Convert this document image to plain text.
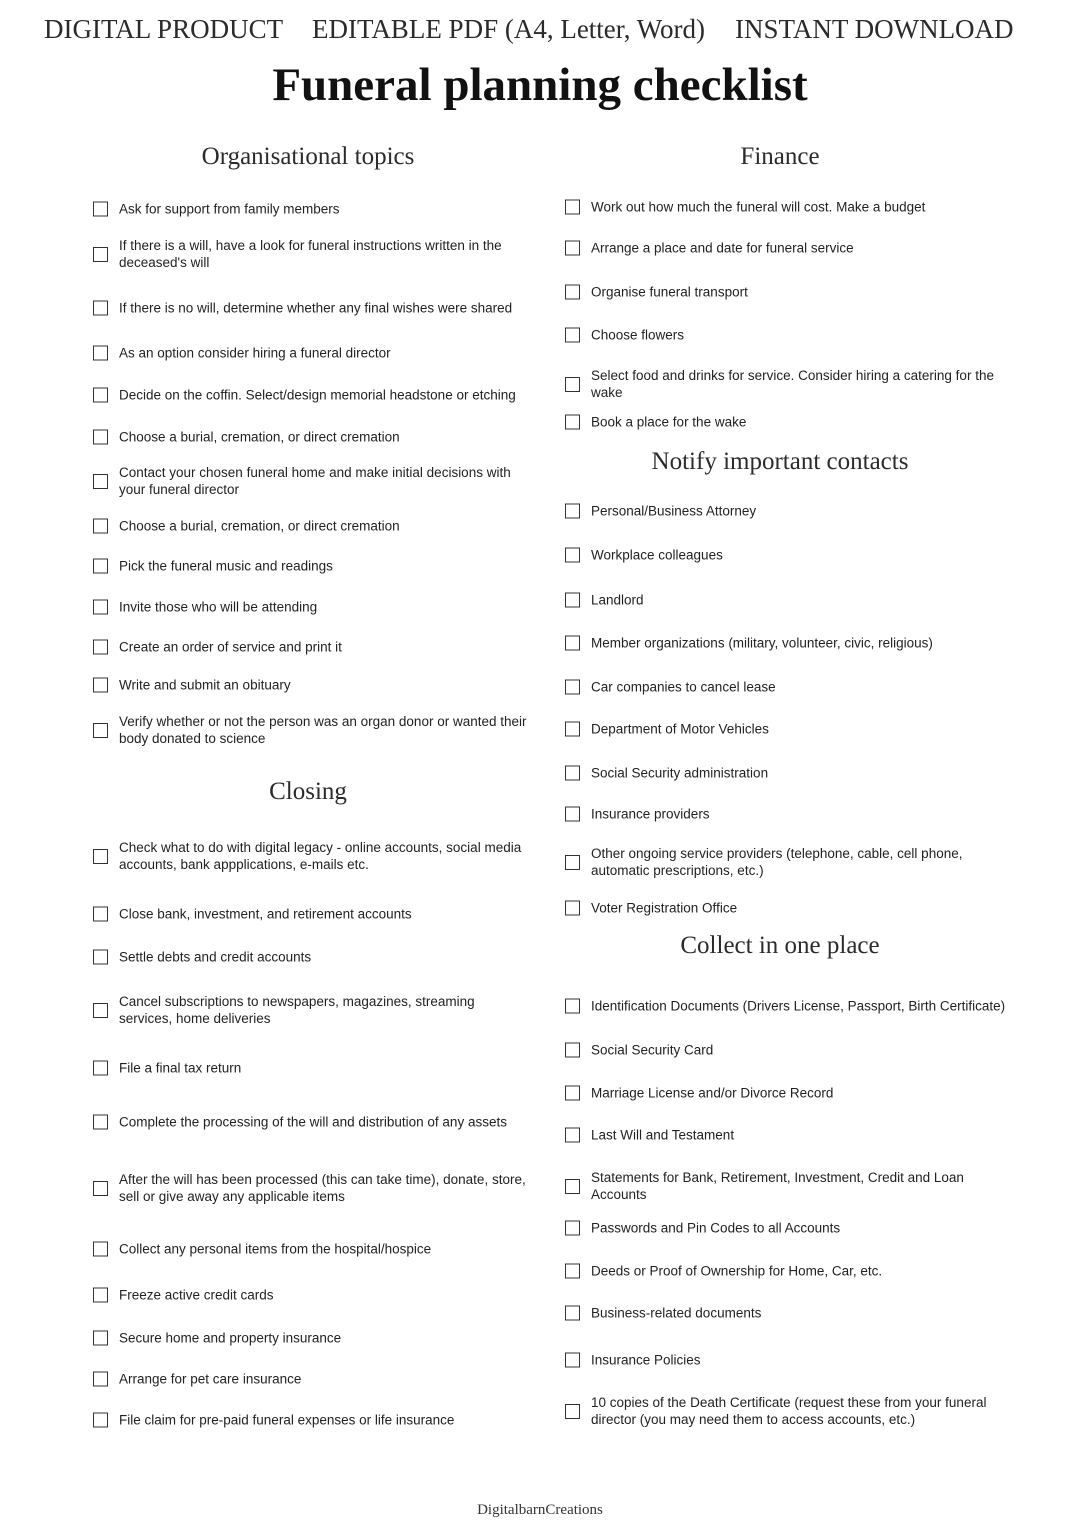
DIGITAL PRODUCT EDITABLE PDF (A4, Letter, Word) INSTANT DOWNLOAD
Funeral planning checklist
Organisational topics	Finance
Closing
Notify important contacts
Collect in one place
Ask for support from family members
If there is a will, have a look for funeral instructions written in the deceased's will
If there is no will, determine whether any final wishes were shared
As an option consider hiring a funeral director
Decide on the coffin. Select/design memorial headstone or etching
Choose a burial, cremation, or direct cremation
Contact your chosen funeral home and make initial decisions with your funeral director
Choose a burial, cremation, or direct cremation
Pick the funeral music and readings
Invite those who will be attending
Create an order of service and print it
Write and submit an obituary
Verify whether or not the person was an organ donor or wanted their body donated to science
Check what to do with digital legacy - online accounts, social media accounts, bank appplications, e-mails etc.
Close bank, investment, and retirement accounts
Settle debts and credit accounts
Cancel subscriptions to newspapers, magazines, streaming services, home deliveries
File a final tax return
Complete the processing of the will and distribution of any assets
After the will has been processed (this can take time), donate, store, sell or give away any applicable items
Collect any personal items from the hospital/hospice
Freeze active credit cards
Secure home and property insurance
Arrange for pet care insurance
File claim for pre-paid funeral expenses or life insurance
Work out how much the funeral will cost. Make a budget
Arrange a place and date for funeral service
Organise funeral transport
Choose flowers
Select food and drinks for service. Consider hiring a catering for the wake
Book a place for the wake
Personal/Business Attorney
Workplace colleagues
Landlord
Member organizations (military, volunteer, civic, religious)
Car companies to cancel lease
Department of Motor Vehicles
Social Security administration
Insurance providers
Other ongoing service providers (telephone, cable, cell phone, automatic prescriptions, etc.)
Voter Registration Office
Identification Documents (Drivers License, Passport, Birth Certificate)
Social Security Card
Marriage License and/or Divorce Record
Last Will and Testament
Statements for Bank, Retirement, Investment, Credit and Loan Accounts
Passwords and Pin Codes to all Accounts
Deeds or Proof of Ownership for Home, Car, etc.
Business-related documents
Insurance Policies
10 copies of the Death Certificate (request these from your funeral director (you may need them to access accounts, etc.)
DigitalbarnCreations
